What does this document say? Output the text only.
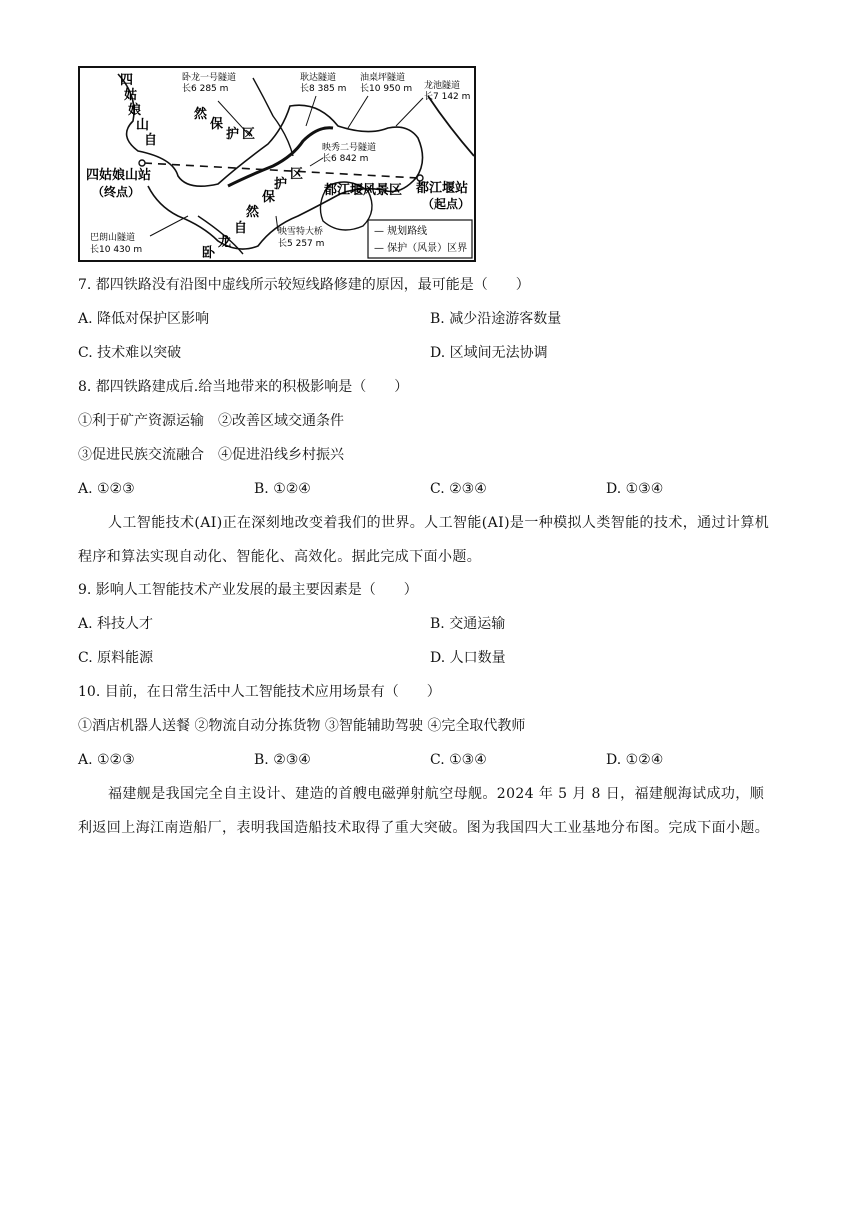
四
姑
娘
山
自
然
保
护 区
卧龙一号隧道
长6 285 m
耿达隧道
长8 385 m
油桌坪隧道
长10 950 m 龙池隧道
长7 142 m
映秀二号隧道
长6 842 m
四姑娘山站
（终点）
区
护
保
然
自
龙
卧
都江堰风景区 都江堰站
（起点）
巴朗山隧道
长10 430 m
映雪特大桥
长5 257 m
— 规划路线
— 保护（风景）区界
7. 都四铁路没有沿图中虚线所示较短线路修建的原因，最可能是（　　）
A. 降低对保护区影响	B. 减少沿途游客数量
C. 技术难以突破	D. 区域间无法协调
8. 都四铁路建成后.给当地带来的积极影响是（　　）
①利于矿产资源运输　②改善区域交通条件
③促进民族交流融合　④促进沿线乡村振兴
A. ①②③	B. ①②④	C. ②③④	D. ①③④
人工智能技术(AI)正在深刻地改变着我们的世界。人工智能(AI)是一种模拟人类智能的技术，通过计算机程序和算法实现自动化、智能化、高效化。据此完成下面小题。
9. 影响人工智能技术产业发展的最主要因素是（　　）
A. 科技人才	B. 交通运输
C. 原料能源	D. 人口数量
10. 目前，在日常生活中人工智能技术应用场景有（　　）
①酒店机器人送餐 ②物流自动分拣货物 ③智能辅助驾驶 ④完全取代教师
A. ①②③	B. ②③④	C. ①③④	D. ①②④
福建舰是我国完全自主设计、建造的首艘电磁弹射航空母舰。2024 年 5 月 8 日，福建舰海试成功，顺利返回上海江南造船厂，表明我国造船技术取得了重大突破。图为我国四大工业基地分布图。完成下面小题。
